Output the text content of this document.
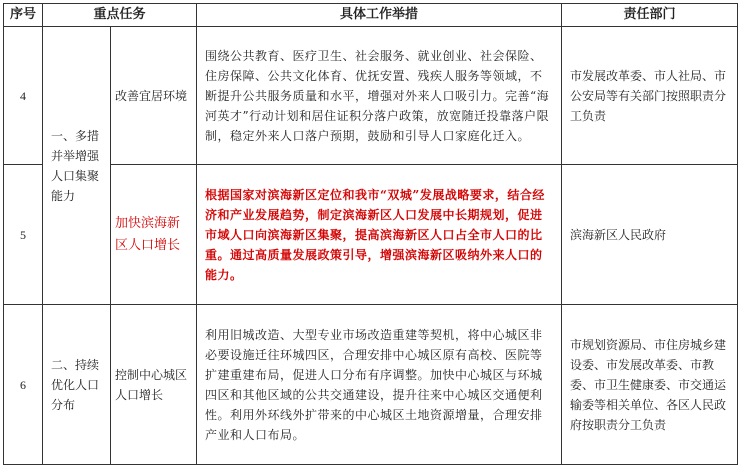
序号	重点任务		具体工作举措	责任部门
4	一、多措并举增强人口集聚能力	改善宜居环境	围绕公共教育、医疗卫生、社会服务、就业创业、社会保险、住房保障、公共文化体育、优抚安置、残疾人服务等领域，不断提升公共服务质量和水平，增强对外来人口吸引力。完善“海河英才”行动计划和居住证积分落户政策，放宽随迁投靠落户限制，稳定外来人口落户预期，鼓励和引导人口家庭化迁入。	市发展改革委、市人社局、市公安局等有关部门按照职责分工负责
5		加快滨海新区人口增长	根据国家对滨海新区定位和我市“双城”发展战略要求，结合经济和产业发展趋势，制定滨海新区人口发展中长期规划，促进市域人口向滨海新区集聚，提高滨海新区人口占全市人口的比重。通过高质量发展政策引导，增强滨海新区吸纳外来人口的能力。	滨海新区人民政府
6	二、持续优化人口分布	控制中心城区人口增长	利用旧城改造、大型专业市场改造重建等契机，将中心城区非必要设施迁往环城四区，合理安排中心城区原有高校、医院等扩建重建布局，促进人口分布有序调整。加快中心城区与环城四区和其他区域的公共交通建设，提升往来中心城区交通便利性。利用外环线外扩带来的中心城区土地资源增量，合理安排产业和人口布局。	市规划资源局、市住房城乡建设委、市发展改革委、市教委、市卫生健康委、市交通运输委等相关单位、各区人民政府按职责分工负责
